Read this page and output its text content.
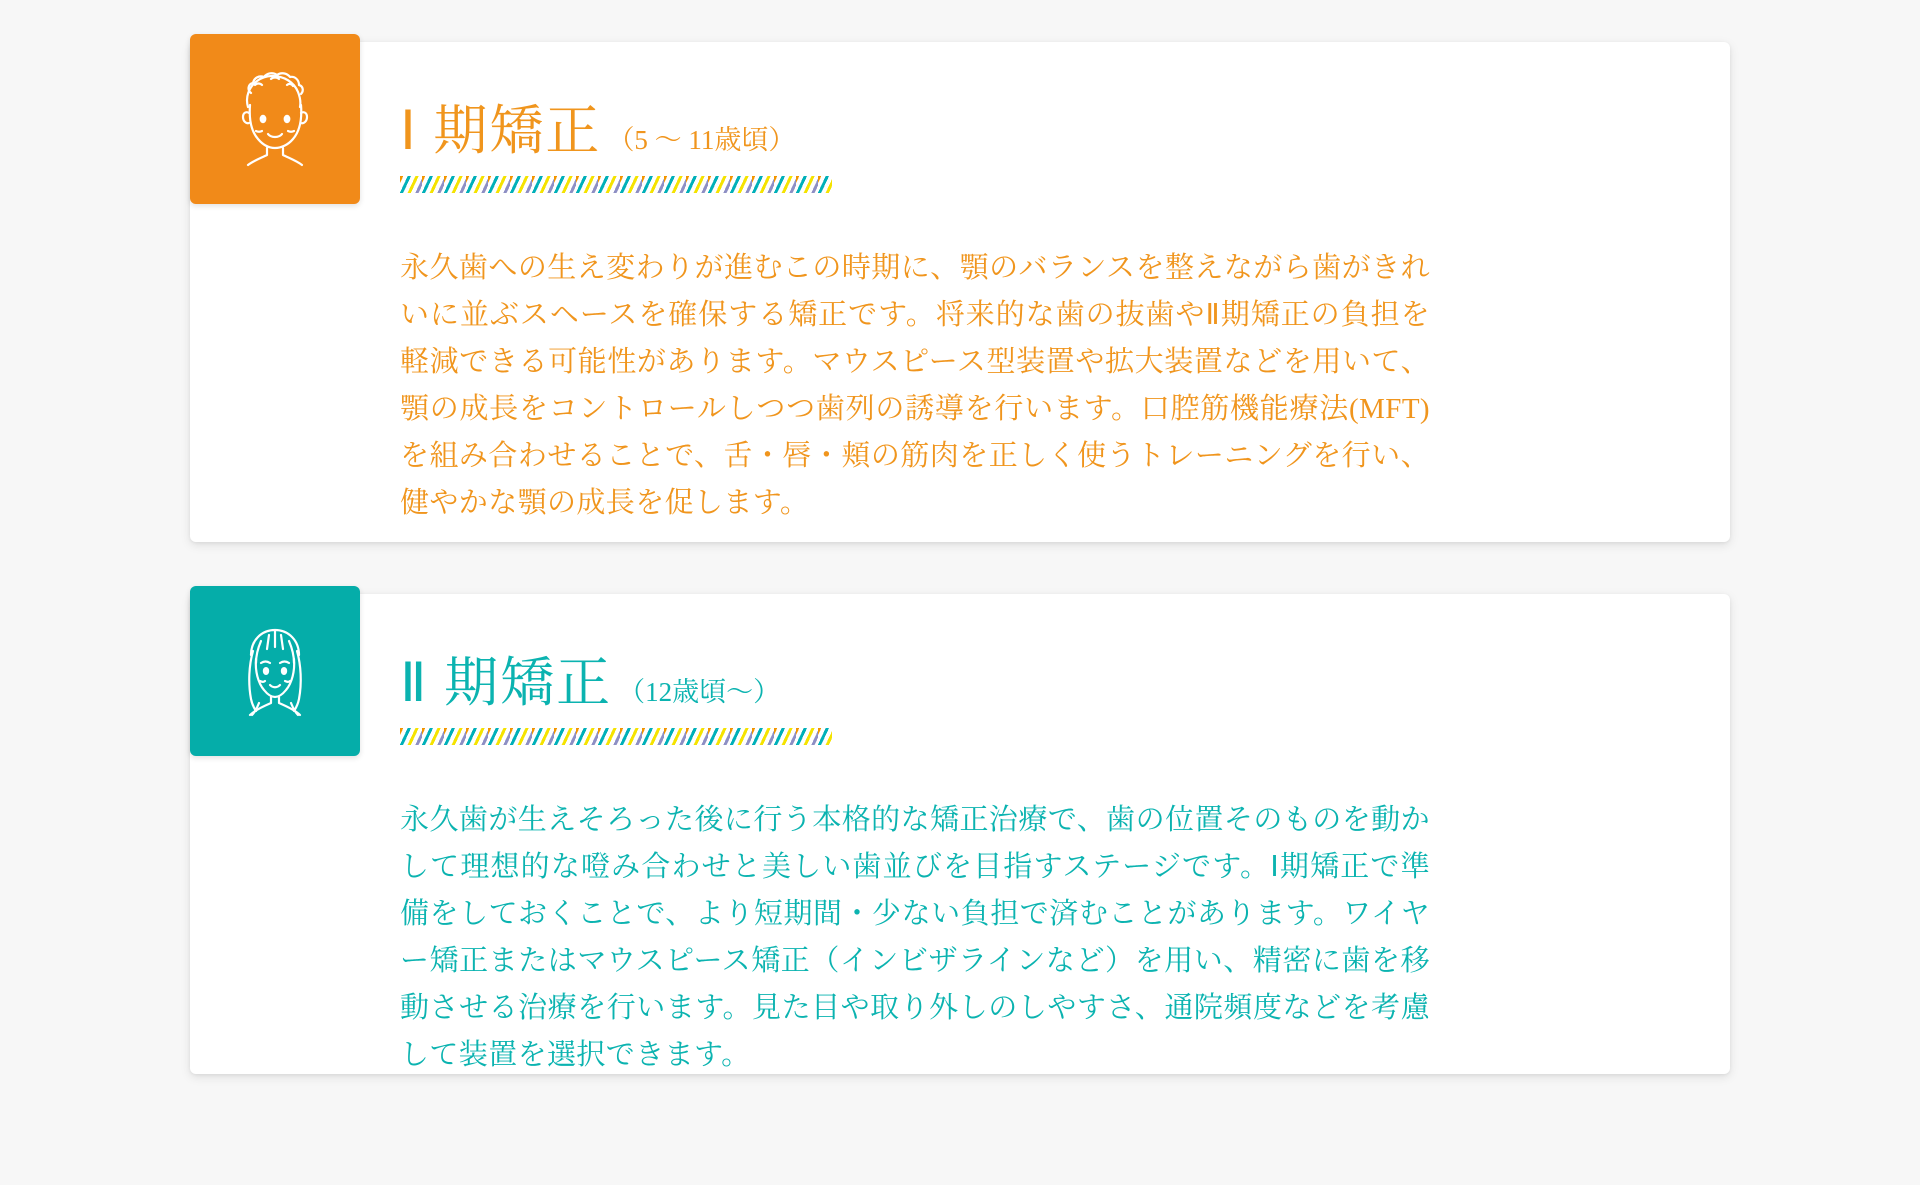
Ⅰ 期矯正 （5 ～ 11歳頃）

永久歯への生え変わりが進むこの時期に、顎のバランスを整えながら歯がきれいに並ぶスヘースを確保する矯正です。将来的な歯の抜歯やⅡ期矯正の負担を軽減できる可能性があります。マウスピース型装置や拡大装置などを用いて、顎の成長をコントロールしつつ歯列の誘導を行います。口腔筋機能療法(MFT)を組み合わせることで、舌・唇・頬の筋肉を正しく使うトレーニングを行い、健やかな顎の成長を促します。

Ⅱ 期矯正 （12歳頃～）

永久歯が生えそろった後に行う本格的な矯正治療で、歯の位置そのものを動かして理想的な噔み合わせと美しい歯並びを目指すステージです。Ⅰ期矯正で準備をしておくことで、より短期間・少ない負担で済むことがあります。ワイヤー矯正またはマウスピース矯正（インビザラインなど）を用い、精密に歯を移動させる治療を行います。見た目や取り外しのしやすさ、通院頻度などを考慮して装置を選択できます。
